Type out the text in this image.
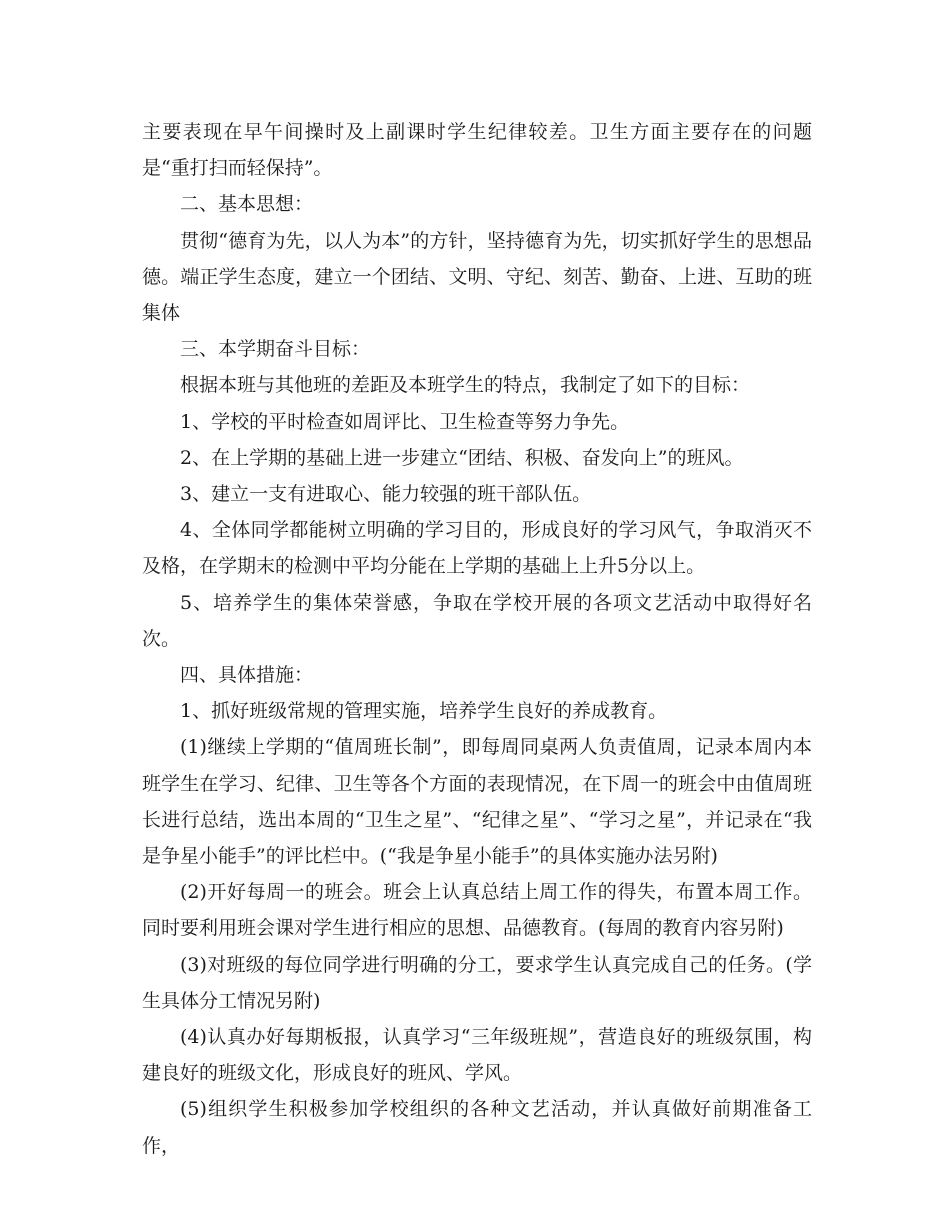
主要表现在早午间操时及上副课时学生纪律较差。卫生方面主要存在的问题是“重打扫而轻保持”。

二、基本思想：

贯彻“德育为先，以人为本”的方针，坚持德育为先，切实抓好学生的思想品德。端正学生态度，建立一个团结、文明、守纪、刻苦、勤奋、上进、互助的班集体

三、本学期奋斗目标：

根据本班与其他班的差距及本班学生的特点，我制定了如下的目标：

1、学校的平时检查如周评比、卫生检查等努力争先。

2、在上学期的基础上进一步建立“团结、积极、奋发向上”的班风。

3、建立一支有进取心、能力较强的班干部队伍。

4、全体同学都能树立明确的学习目的，形成良好的学习风气，争取消灭不及格，在学期末的检测中平均分能在上学期的基础上上升5分以上。

5、培养学生的集体荣誉感，争取在学校开展的各项文艺活动中取得好名次。

四、具体措施：

1、抓好班级常规的管理实施，培养学生良好的养成教育。

(1)继续上学期的“值周班长制”，即每周同桌两人负责值周，记录本周内本班学生在学习、纪律、卫生等各个方面的表现情况，在下周一的班会中由值周班长进行总结，选出本周的“卫生之星”、“纪律之星”、“学习之星”，并记录在“我是争星小能手”的评比栏中。(“我是争星小能手”的具体实施办法另附)

(2)开好每周一的班会。班会上认真总结上周工作的得失，布置本周工作。同时要利用班会课对学生进行相应的思想、品德教育。(每周的教育内容另附)

(3)对班级的每位同学进行明确的分工，要求学生认真完成自己的任务。(学生具体分工情况另附)

(4)认真办好每期板报，认真学习“三年级班规”，营造良好的班级氛围，构建良好的班级文化，形成良好的班风、学风。

(5)组织学生积极参加学校组织的各种文艺活动，并认真做好前期准备工作，
